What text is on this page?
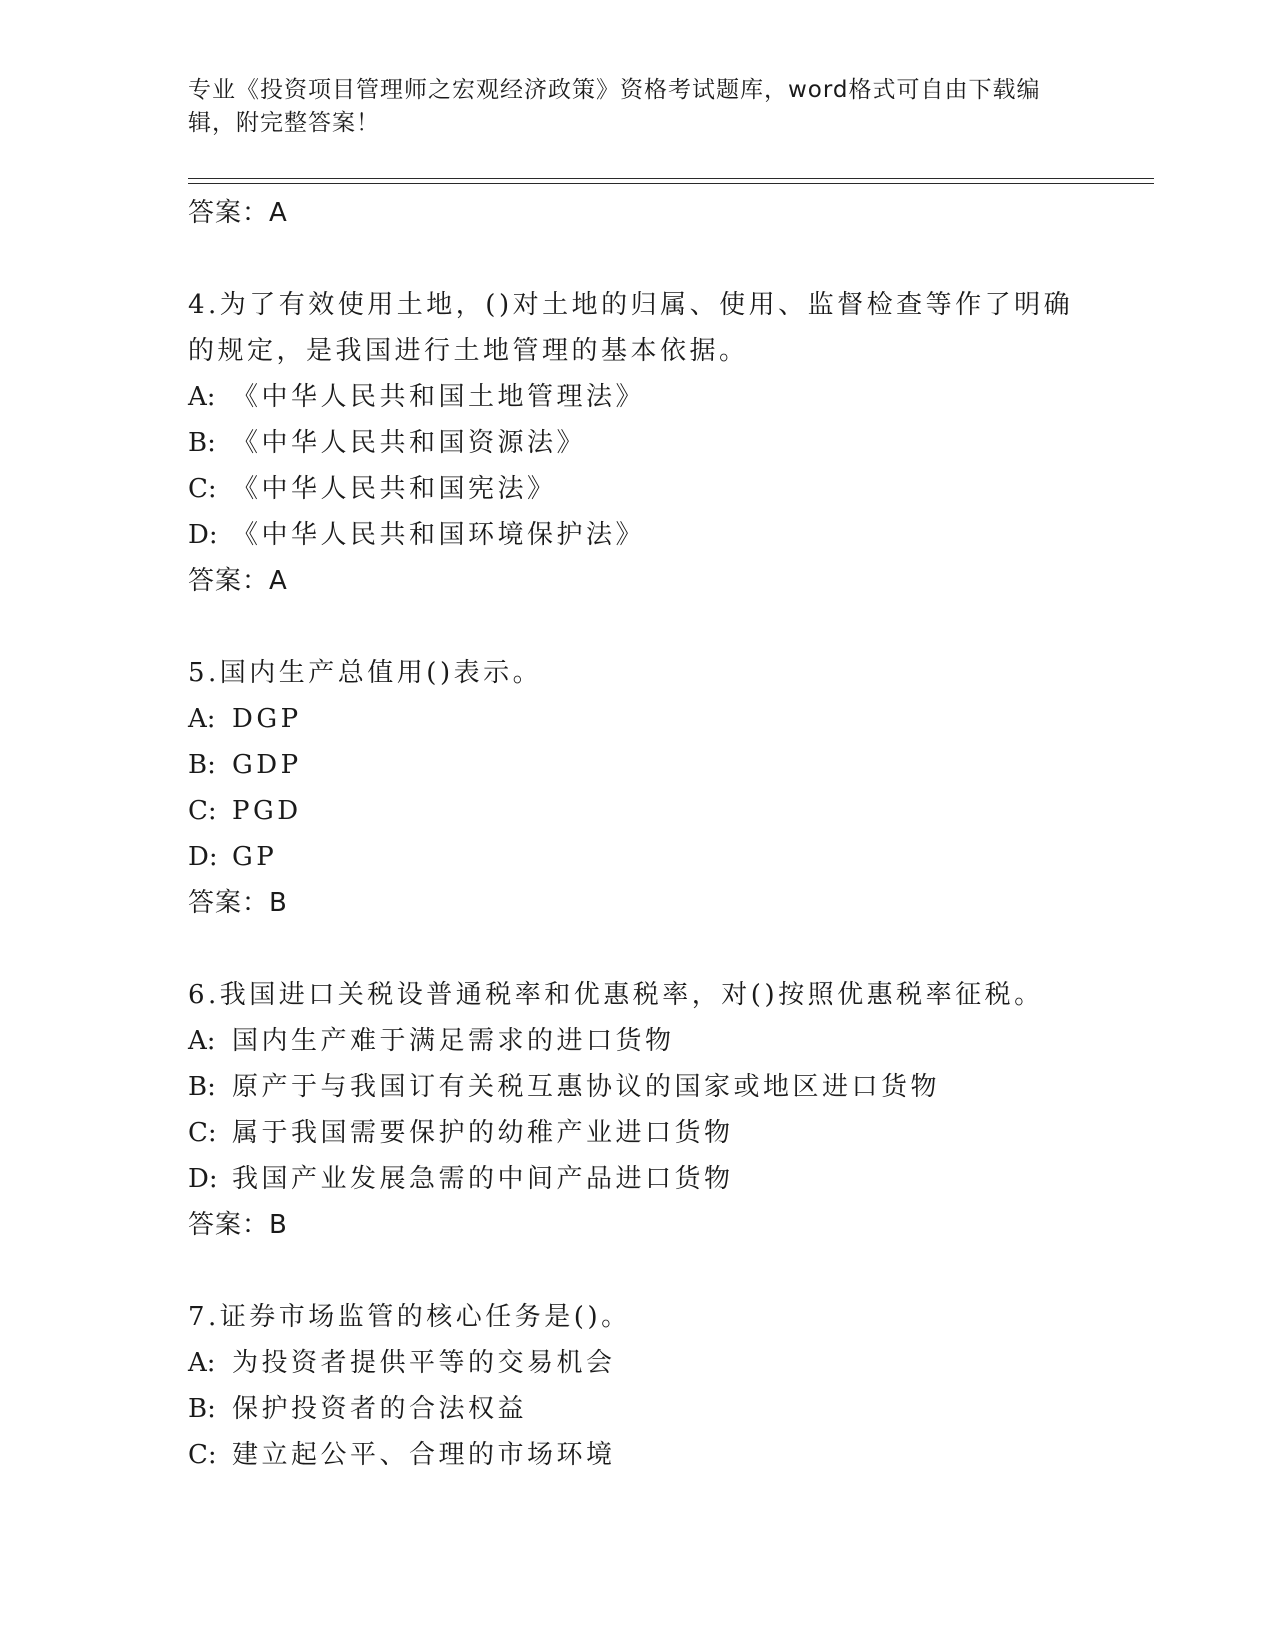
专业《投资项目管理师之宏观经济政策》资格考试题库，word格式可自由下载编辑，附完整答案！
答案：A
4.为了有效使用土地，()对土地的归属、使用、监督检查等作了明确的规定，是我国进行土地管理的基本依据。
A: 《中华人民共和国土地管理法》
B: 《中华人民共和国资源法》
C: 《中华人民共和国宪法》
D: 《中华人民共和国环境保护法》
答案：A
5.国内生产总值用()表示。
A: DGP
B: GDP
C: PGD
D: GP
答案：B
6.我国进口关税设普通税率和优惠税率，对()按照优惠税率征税。
A: 国内生产难于满足需求的进口货物
B: 原产于与我国订有关税互惠协议的国家或地区进口货物
C: 属于我国需要保护的幼稚产业进口货物
D: 我国产业发展急需的中间产品进口货物
答案：B
7.证券市场监管的核心任务是()。
A: 为投资者提供平等的交易机会
B: 保护投资者的合法权益
C: 建立起公平、合理的市场环境
